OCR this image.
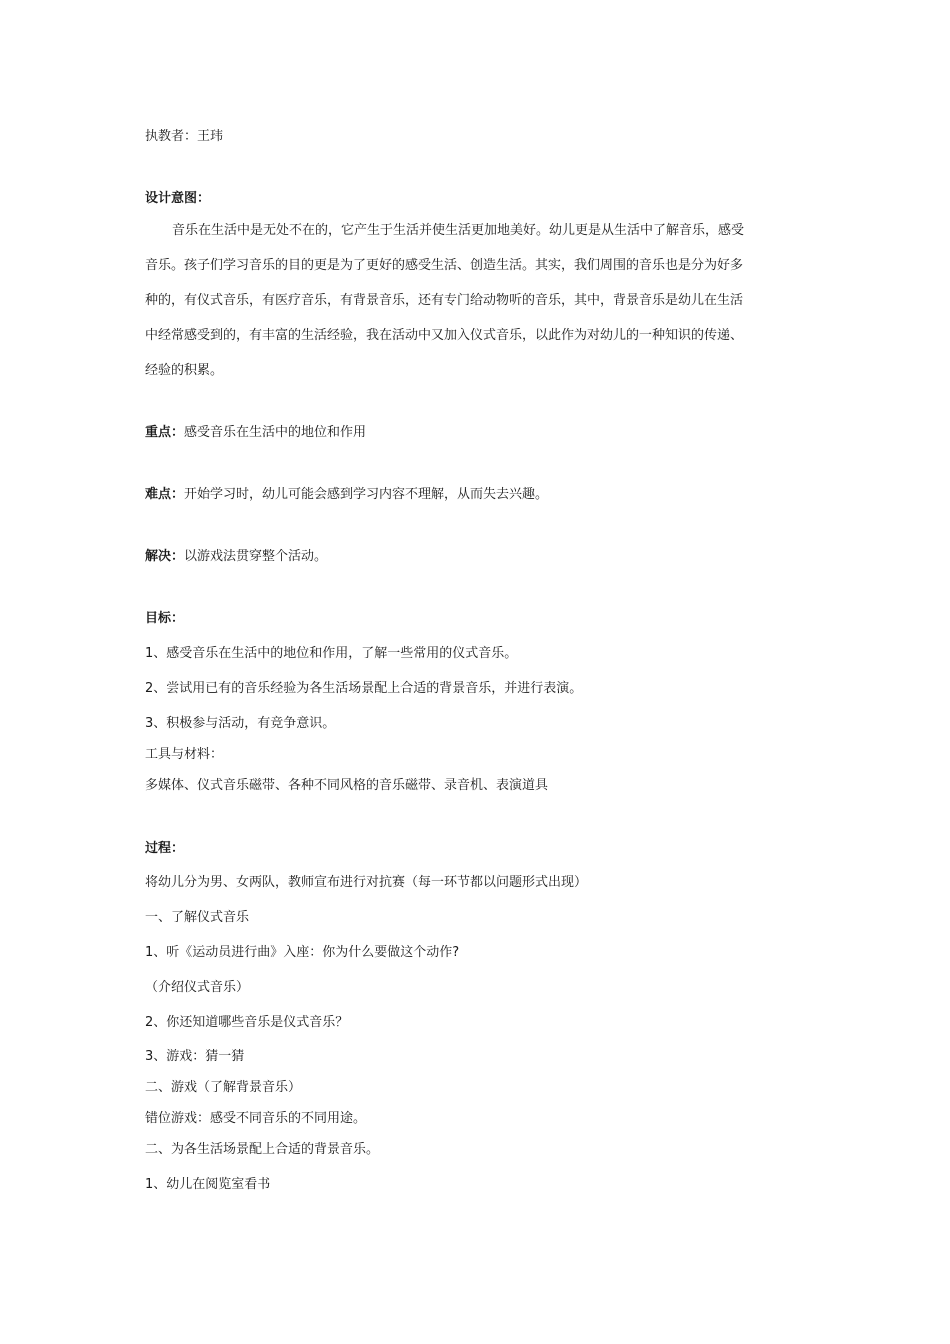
执教者：王玮
设计意图：
音乐在生活中是无处不在的，它产生于生活并使生活更加地美好。幼儿更是从生活中了解音乐，感受
音乐。孩子们学习音乐的目的更是为了更好的感受生活、创造生活。其实，我们周围的音乐也是分为好多
种的，有仪式音乐，有医疗音乐，有背景音乐，还有专门给动物听的音乐，其中，背景音乐是幼儿在生活
中经常感受到的，有丰富的生活经验，我在活动中又加入仪式音乐，以此作为对幼儿的一种知识的传递、
经验的积累。
重点：感受音乐在生活中的地位和作用
难点：开始学习时，幼儿可能会感到学习内容不理解，从而失去兴趣。
解决：以游戏法贯穿整个活动。
目标：
1、感受音乐在生活中的地位和作用，了解一些常用的仪式音乐。
2、尝试用已有的音乐经验为各生活场景配上合适的背景音乐，并进行表演。
3、积极参与活动，有竞争意识。
工具与材料：
多媒体、仪式音乐磁带、各种不同风格的音乐磁带、录音机、表演道具
过程：
将幼儿分为男、女两队，教师宣布进行对抗赛（每一环节都以问题形式出现）
一、了解仪式音乐
1、听《运动员进行曲》入座：你为什么要做这个动作?
（介绍仪式音乐）
2、你还知道哪些音乐是仪式音乐？
3、游戏：猜一猜
二、游戏（了解背景音乐）
错位游戏：感受不同音乐的不同用途。
二、为各生活场景配上合适的背景音乐。
1、幼儿在阅览室看书
